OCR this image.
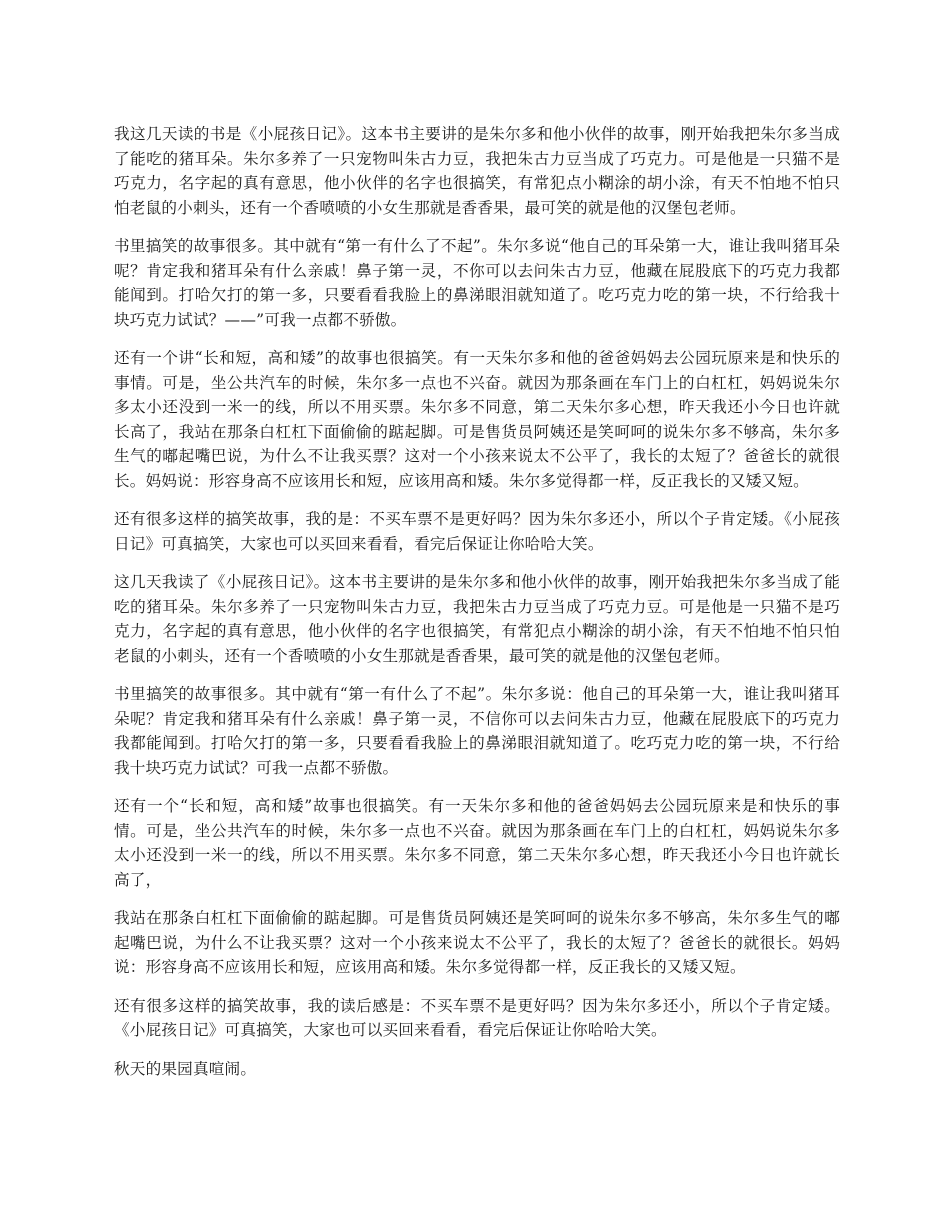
我这几天读的书是《小屁孩日记》。这本书主要讲的是朱尔多和他小伙伴的故事，刚开始我把朱尔多当成了能吃的猪耳朵。朱尔多养了一只宠物叫朱古力豆，我把朱古力豆当成了巧克力。可是他是一只猫不是巧克力，名字起的真有意思，他小伙伴的名字也很搞笑，有常犯点小糊涂的胡小涂，有天不怕地不怕只怕老鼠的小刺头，还有一个香喷喷的小女生那就是香香果，最可笑的就是他的汉堡包老师。

书里搞笑的故事很多。其中就有“第一有什么了不起”。朱尔多说“他自己的耳朵第一大，谁让我叫猪耳朵呢？肯定我和猪耳朵有什么亲戚！鼻子第一灵，不你可以去问朱古力豆，他藏在屁股底下的巧克力我都能闻到。打哈欠打的第一多，只要看看我脸上的鼻涕眼泪就知道了。吃巧克力吃的第一块，不行给我十块巧克力试试？——”可我一点都不骄傲。

还有一个讲“长和短，高和矮”的故事也很搞笑。有一天朱尔多和他的爸爸妈妈去公园玩原来是和快乐的事情。可是，坐公共汽车的时候，朱尔多一点也不兴奋。就因为那条画在车门上的白杠杠，妈妈说朱尔多太小还没到一米一的线，所以不用买票。朱尔多不同意，第二天朱尔多心想，昨天我还小今日也许就长高了，我站在那条白杠杠下面偷偷的踮起脚。可是售货员阿姨还是笑呵呵的说朱尔多不够高，朱尔多生气的嘟起嘴巴说，为什么不让我买票？这对一个小孩来说太不公平了，我长的太短了？爸爸长的就很长。妈妈说：形容身高不应该用长和短，应该用高和矮。朱尔多觉得都一样，反正我长的又矮又短。

还有很多这样的搞笑故事，我的是：不买车票不是更好吗？因为朱尔多还小，所以个子肯定矮。《小屁孩日记》可真搞笑，大家也可以买回来看看，看完后保证让你哈哈大笑。

这几天我读了《小屁孩日记》。这本书主要讲的是朱尔多和他小伙伴的故事，刚开始我把朱尔多当成了能吃的猪耳朵。朱尔多养了一只宠物叫朱古力豆，我把朱古力豆当成了巧克力豆。可是他是一只猫不是巧克力，名字起的真有意思，他小伙伴的名字也很搞笑，有常犯点小糊涂的胡小涂，有天不怕地不怕只怕老鼠的小刺头，还有一个香喷喷的小女生那就是香香果，最可笑的就是他的汉堡包老师。

书里搞笑的故事很多。其中就有“第一有什么了不起”。朱尔多说：他自己的耳朵第一大，谁让我叫猪耳朵呢？肯定我和猪耳朵有什么亲戚！鼻子第一灵，不信你可以去问朱古力豆，他藏在屁股底下的巧克力我都能闻到。打哈欠打的第一多，只要看看我脸上的鼻涕眼泪就知道了。吃巧克力吃的第一块，不行给我十块巧克力试试？可我一点都不骄傲。

还有一个“长和短，高和矮”故事也很搞笑。有一天朱尔多和他的爸爸妈妈去公园玩原来是和快乐的事情。可是，坐公共汽车的时候，朱尔多一点也不兴奋。就因为那条画在车门上的白杠杠，妈妈说朱尔多太小还没到一米一的线，所以不用买票。朱尔多不同意，第二天朱尔多心想，昨天我还小今日也许就长高了，

我站在那条白杠杠下面偷偷的踮起脚。可是售货员阿姨还是笑呵呵的说朱尔多不够高，朱尔多生气的嘟起嘴巴说，为什么不让我买票？这对一个小孩来说太不公平了，我长的太短了？爸爸长的就很长。妈妈说：形容身高不应该用长和短，应该用高和矮。朱尔多觉得都一样，反正我长的又矮又短。

还有很多这样的搞笑故事，我的读后感是：不买车票不是更好吗？因为朱尔多还小，所以个子肯定矮。《小屁孩日记》可真搞笑，大家也可以买回来看看，看完后保证让你哈哈大笑。

秋天的果园真喧闹。
